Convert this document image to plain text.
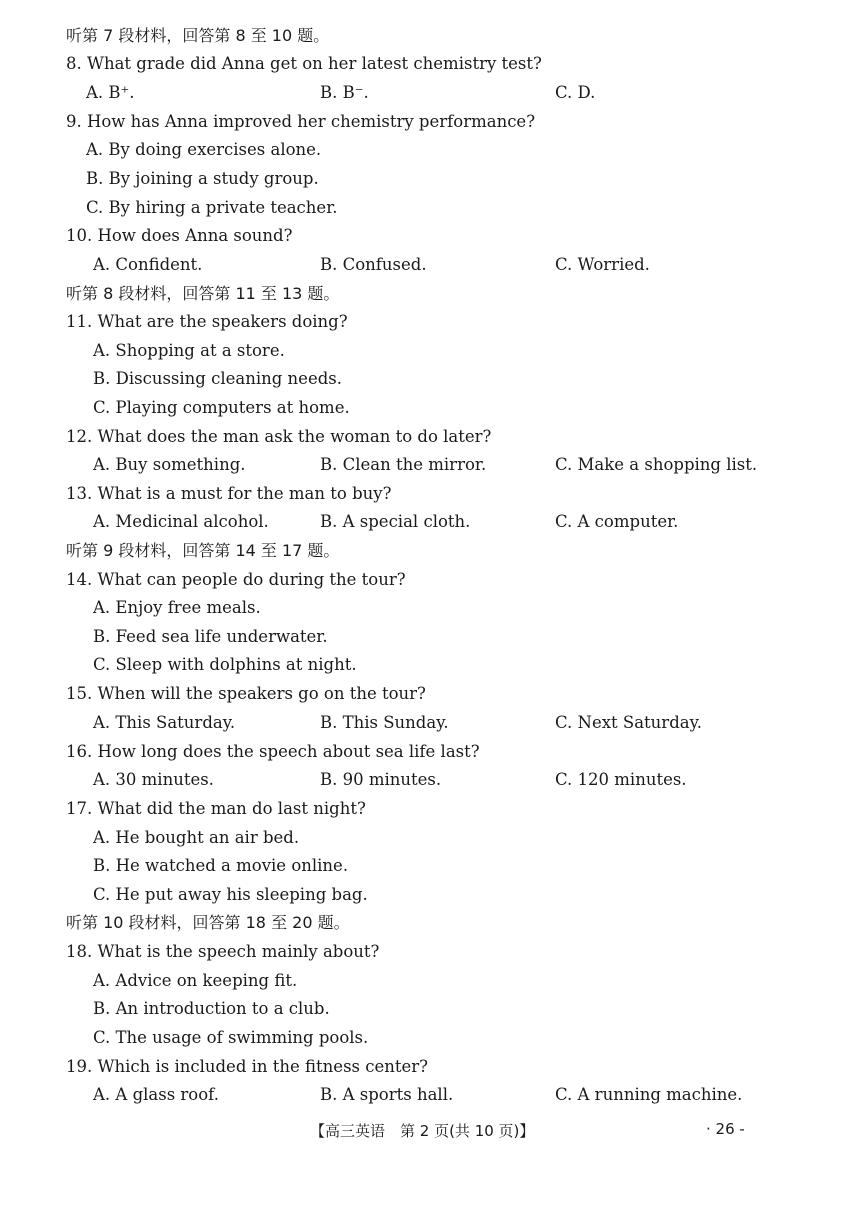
听第 7 段材料，回答第 8 至 10 题。
8. What grade did Anna get on her latest chemistry test?
A. B⁺.	B. B⁻.	C. D.
9. How has Anna improved her chemistry performance?
A. By doing exercises alone.
B. By joining a study group.
C. By hiring a private teacher.
10. How does Anna sound?
A. Confident.	B. Confused.	C. Worried.
听第 8 段材料，回答第 11 至 13 题。
11. What are the speakers doing?
A. Shopping at a store.
B. Discussing cleaning needs.
C. Playing computers at home.
12. What does the man ask the woman to do later?
A. Buy something.	B. Clean the mirror.	C. Make a shopping list.
13. What is a must for the man to buy?
A. Medicinal alcohol.	B. A special cloth.	C. A computer.
听第 9 段材料，回答第 14 至 17 题。
14. What can people do during the tour?
A. Enjoy free meals.
B. Feed sea life underwater.
C. Sleep with dolphins at night.
15. When will the speakers go on the tour?
A. This Saturday.	B. This Sunday.	C. Next Saturday.
16. How long does the speech about sea life last?
A. 30 minutes.	B. 90 minutes.	C. 120 minutes.
17. What did the man do last night?
A. He bought an air bed.
B. He watched a movie online.
C. He put away his sleeping bag.
听第 10 段材料，回答第 18 至 20 题。
18. What is the speech mainly about?
A. Advice on keeping fit.
B. An introduction to a club.
C. The usage of swimming pools.
19. Which is included in the fitness center?
A. A glass roof.	B. A sports hall.	C. A running machine.
【高三英语　第 2 页(共 10 页)】	· 26 -
